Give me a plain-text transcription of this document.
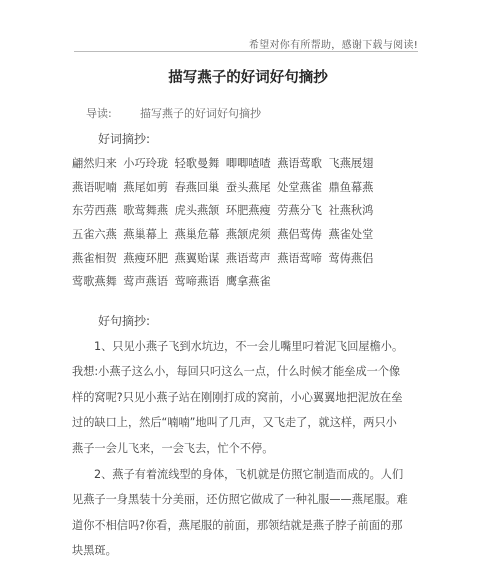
希望对你有所帮助，感谢下载与阅读!
描写燕子的好词好句摘抄
导读:	描写燕子的好词好句摘抄
好词摘抄:
翩然归来 小巧玲珑 轻歌曼舞 唧唧喳喳 燕语莺歌 飞燕展翅
燕语呢喃 燕尾如剪 春燕回巢 蚕头燕尾 处堂燕雀 鼎鱼幕燕
东劳西燕 歌莺舞燕 虎头燕颔 环肥燕瘦 劳燕分飞 社燕秋鸿
五雀六燕 燕巢幕上 燕巢危幕 燕颔虎须 燕侣莺俦 燕雀处堂
燕雀相贺 燕瘦环肥 燕翼贻谋 燕语莺声 燕语莺啼 莺俦燕侣
莺歌燕舞 莺声燕语 莺啼燕语 鹰拿燕雀
好句摘抄:
1、只见小燕子飞到水坑边，不一会儿嘴里叼着泥飞回屋檐小。
我想:小燕子这么小，每回只叼这么一点，什么时候才能垒成一个像
样的窝呢?只见小燕子站在刚刚打成的窝前，小心翼翼地把泥放在垒
过的缺口上，然后“喃喃”地叫了几声，又飞走了，就这样，两只小
燕子一会儿飞来，一会飞去，忙个不停。
2、燕子有着流线型的身体，飞机就是仿照它制造而成的。人们
见燕子一身黑装十分美丽，还仿照它做成了一种礼服——燕尾服。难
道你不相信吗?你看，燕尾服的前面，那领结就是燕子脖子前面的那
块黑斑。
